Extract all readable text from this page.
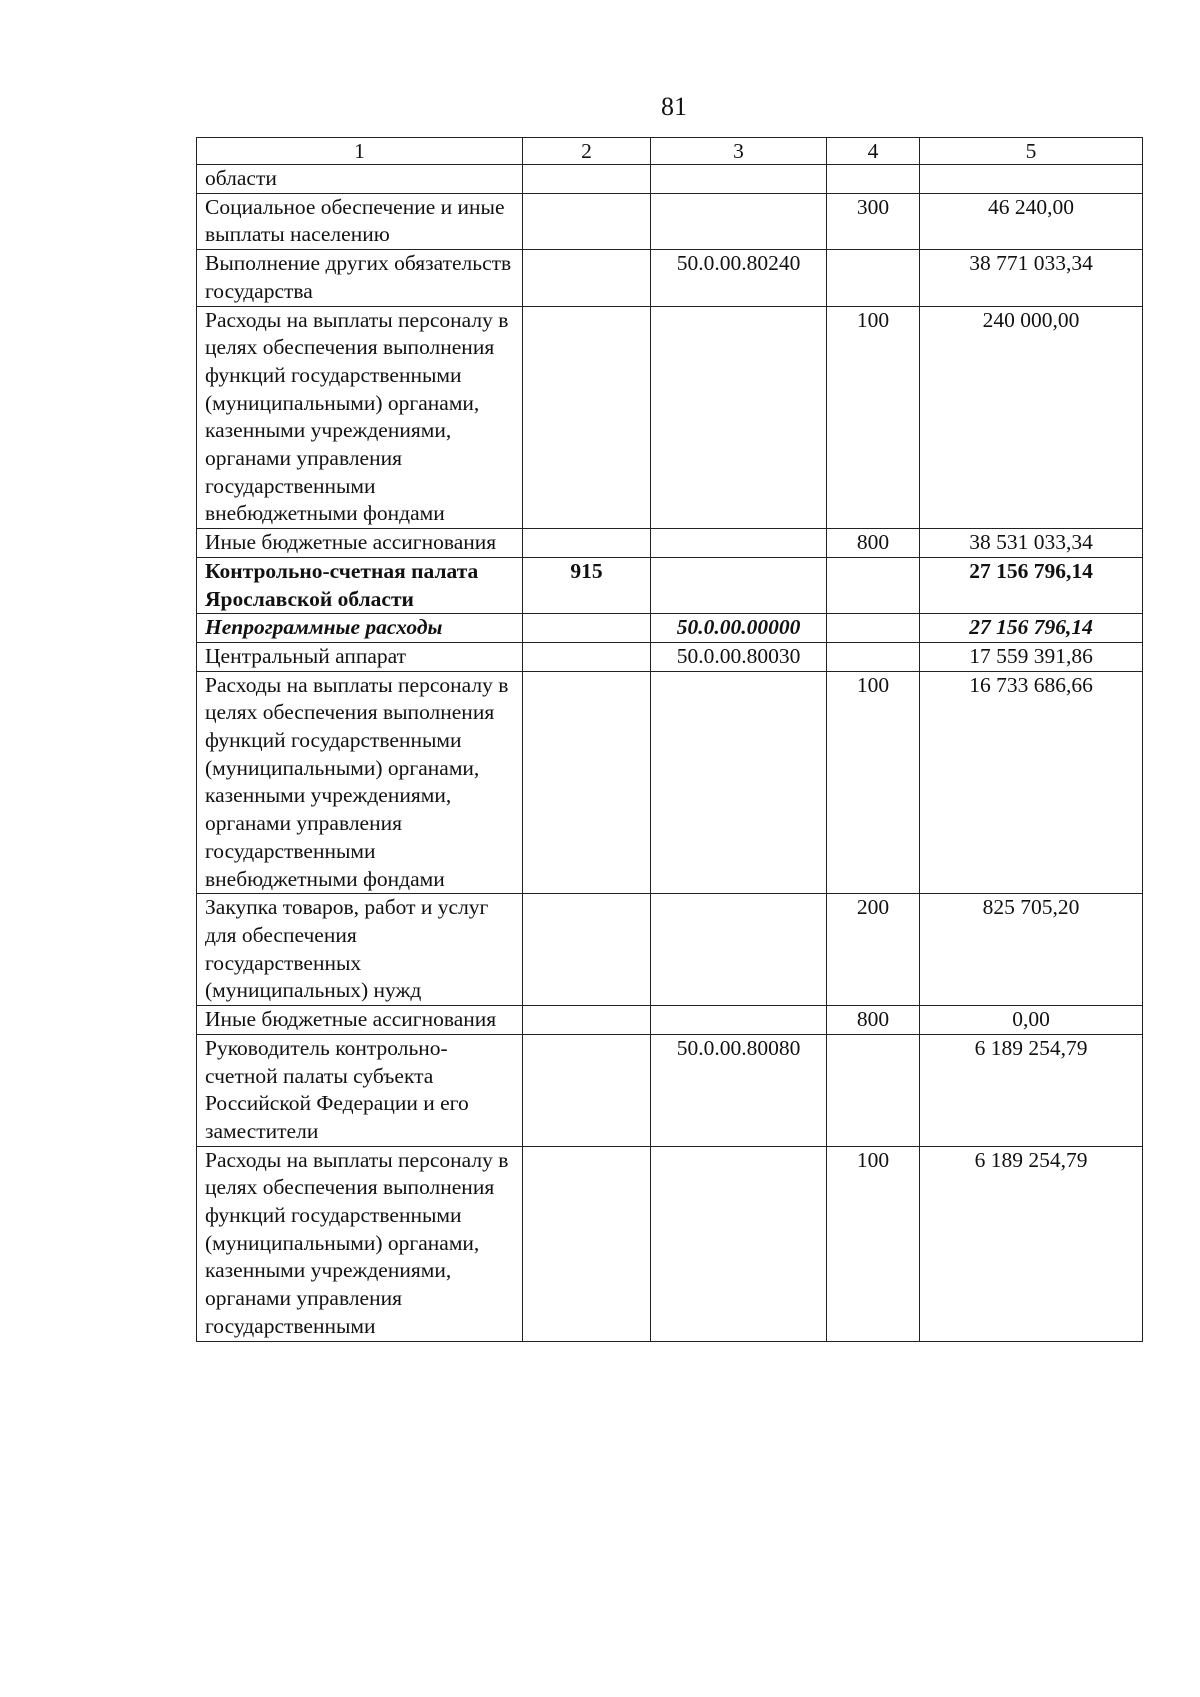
81
1	2	3	4	5
области				
Социальное обеспечение и иные выплаты населению			300	46 240,00
Выполнение других обязательств государства		50.0.00.80240		38 771 033,34
Расходы на выплаты персоналу в целях обеспечения выполнения функций государственными (муниципальными) органами, казенными учреждениями, органами управления государственными внебюджетными фондами			100	240 000,00
Иные бюджетные ассигнования			800	38 531 033,34
Контрольно-счетная палата Ярославской области	915			27 156 796,14
Непрограммные расходы		50.0.00.00000		27 156 796,14
Центральный аппарат		50.0.00.80030		17 559 391,86
Расходы на выплаты персоналу в целях обеспечения выполнения функций государственными (муниципальными) органами, казенными учреждениями, органами управления государственными внебюджетными фондами			100	16 733 686,66
Закупка товаров, работ и услуг для обеспечения государственных (муниципальных) нужд			200	825 705,20
Иные бюджетные ассигнования			800	0,00
Руководитель контрольно-счетной палаты субъекта Российской Федерации и его заместители		50.0.00.80080		6 189 254,79
Расходы на выплаты персоналу в целях обеспечения выполнения функций государственными (муниципальными) органами, казенными учреждениями, органами управления государственными			100	6 189 254,79
